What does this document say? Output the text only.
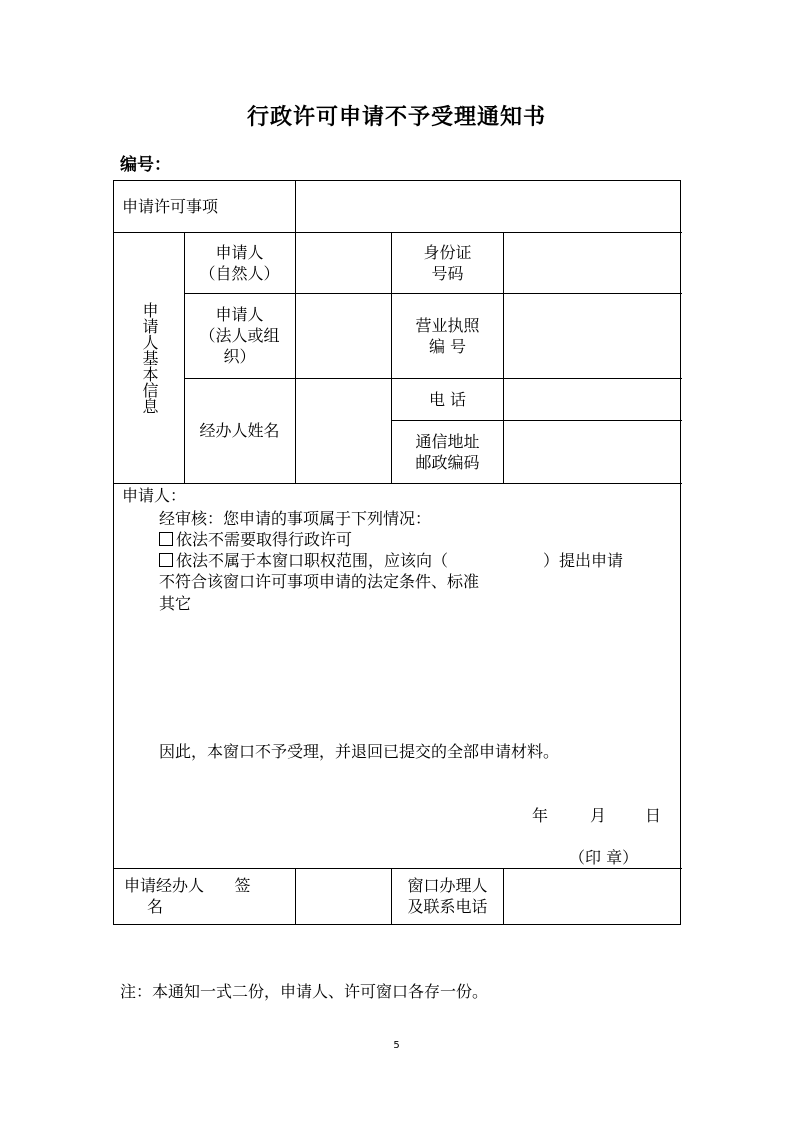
行政许可申请不予受理通知书
编号：
申请许可事项
申请人基本信息
申请人
（自然人）
身份证
号码
申请人
（法人或组
织）
营业执照
编 号
经办人姓名
电 话
通信地址
邮政编码
申请人：
经审核：您申请的事项属于下列情况：
依法不需要取得行政许可
依法不属于本窗口职权范围，应该向（	）提出申请
不符合该窗口许可事项申请的法定条件、标准
其它
因此，本窗口不予受理，并退回已提交的全部申请材料。
年	月 日
（印 章）
申请经办人      签
名
窗口办理人
及联系电话
注：本通知一式二份，申请人、许可窗口各存一份。
5
